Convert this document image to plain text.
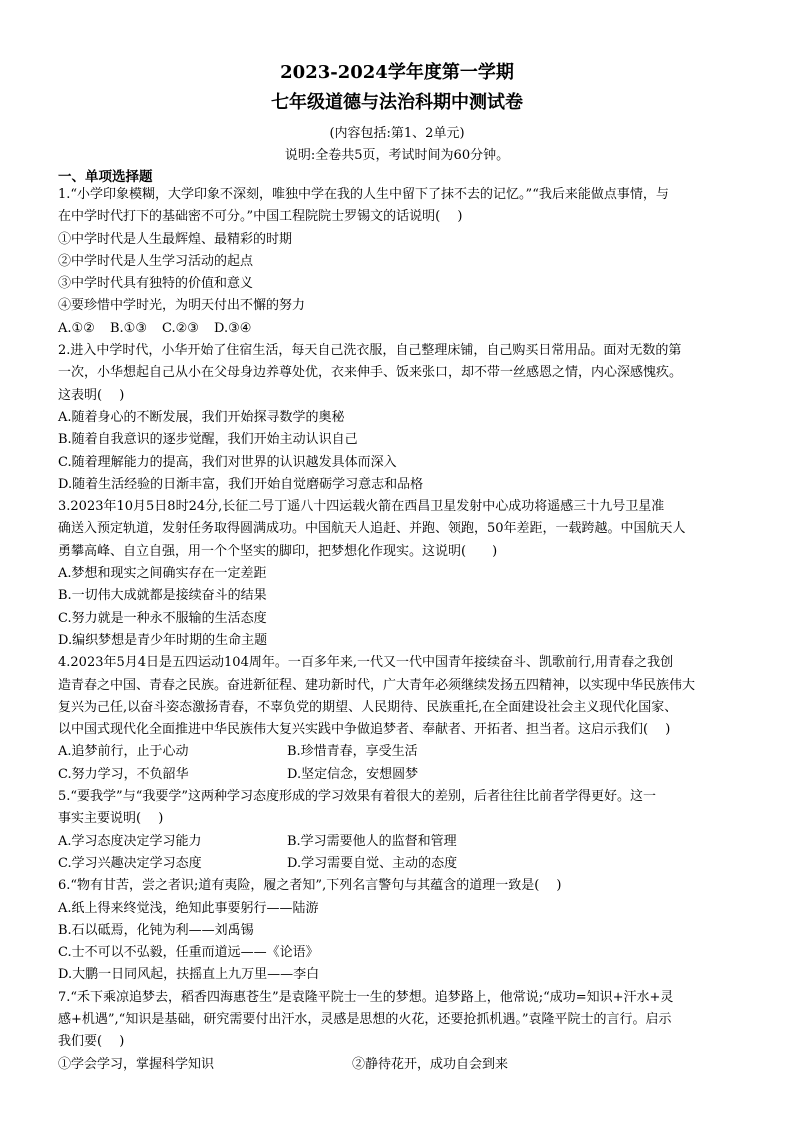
2023-2024学年度第一学期
七年级道德与法治科期中测试卷
(内容包括:第1、2单元)
说明:全卷共5页，考试时间为60分钟。
一、单项选择题

1.“小学印象模糊，大学印象不深刻，唯独中学在我的人生中留下了抹不去的记忆。”“我后来能做点事情，与

在中学时代打下的基础密不可分。”中国工程院院士罗锡文的话说明(　 )

①中学时代是人生最辉煌、最精彩的时期

②中学时代是人生学习活动的起点

③中学时代具有独特的价值和意义

④要珍惜中学时光，为明天付出不懈的努力

A.①②	B.①③	C.②③	D.③④

2.进入中学时代，小华开始了住宿生活，每天自己洗衣服，自己整理床铺，自己购买日常用品。面对无数的第

一次，小华想起自己从小在父母身边养尊处优，衣来伸手、饭来张口，却不带一丝感恩之情，内心深感愧疚。

这表明(　 )

A.随着身心的不断发展，我们开始探寻数学的奥秘

B.随着自我意识的逐步觉醒，我们开始主动认识自己

C.随着理解能力的提高，我们对世界的认识越发具体而深入

D.随着生活经验的日渐丰富，我们开始自觉磨砺学习意志和品格

3.2023年10月5日8时24分,长征二号丁遥八十四运载火箭在西昌卫星发射中心成功将遥感三十九号卫星准

确送入预定轨道，发射任务取得圆满成功。中国航天人追赶、并跑、领跑，50年差距，一载跨越。中国航天人

勇攀高峰、自立自强，用一个个坚实的脚印，把梦想化作现实。这说明(　　)

A.梦想和现实之间确实存在一定差距

B.一切伟大成就都是接续奋斗的结果

C.努力就是一种永不服输的生活态度

D.编织梦想是青少年时期的生命主题

4.2023年5月4日是五四运动104周年。一百多年来,一代又一代中国青年接续奋斗、凯歌前行,用青春之我创

造青春之中国、青春之民族。奋进新征程、建功新时代，广大青年必须继续发扬五四精神，以实现中华民族伟大

复兴为己任,以奋斗姿态激扬青春，不辜负党的期望、人民期待、民族重托,在全面建设社会主义现代化国家、

以中国式现代化全面推进中华民族伟大复兴实践中争做追梦者、奉献者、开拓者、担当者。这启示我们(　 )

A.追梦前行，止于心动	B.珍惜青春，享受生活

C.努力学习，不负韶华	D.坚定信念，安想圆梦

5.“要我学”与“我要学”这两种学习态度形成的学习效果有着很大的差别，后者往往比前者学得更好。这一

事实主要说明(　 )

A.学习态度决定学习能力	B.学习需要他人的监督和管理

C.学习兴趣决定学习态度	D.学习需要自觉、主动的态度

6.“物有甘苦，尝之者识;道有夷险，履之者知”,下列名言警句与其蕴含的道理一致是(　 )

A.纸上得来终觉浅，绝知此事要躬行——陆游

B.石以砥焉，化钝为利——刘禹锡

C.士不可以不弘毅，任重而道远——《论语》

D.大鹏一日同风起，扶摇直上九万里——李白

7.“禾下乘凉追梦去，稻香四海惠苍生”是袁隆平院士一生的梦想。追梦路上，他常说;“成功=知识+汗水+灵

感+机遇”,“知识是基础，研究需要付出汗水，灵感是思想的火花，还要抢抓机遇。”袁隆平院士的言行。启示

我们要(　 )

①学会学习，掌握科学知识	②静待花开，成功自会到来
